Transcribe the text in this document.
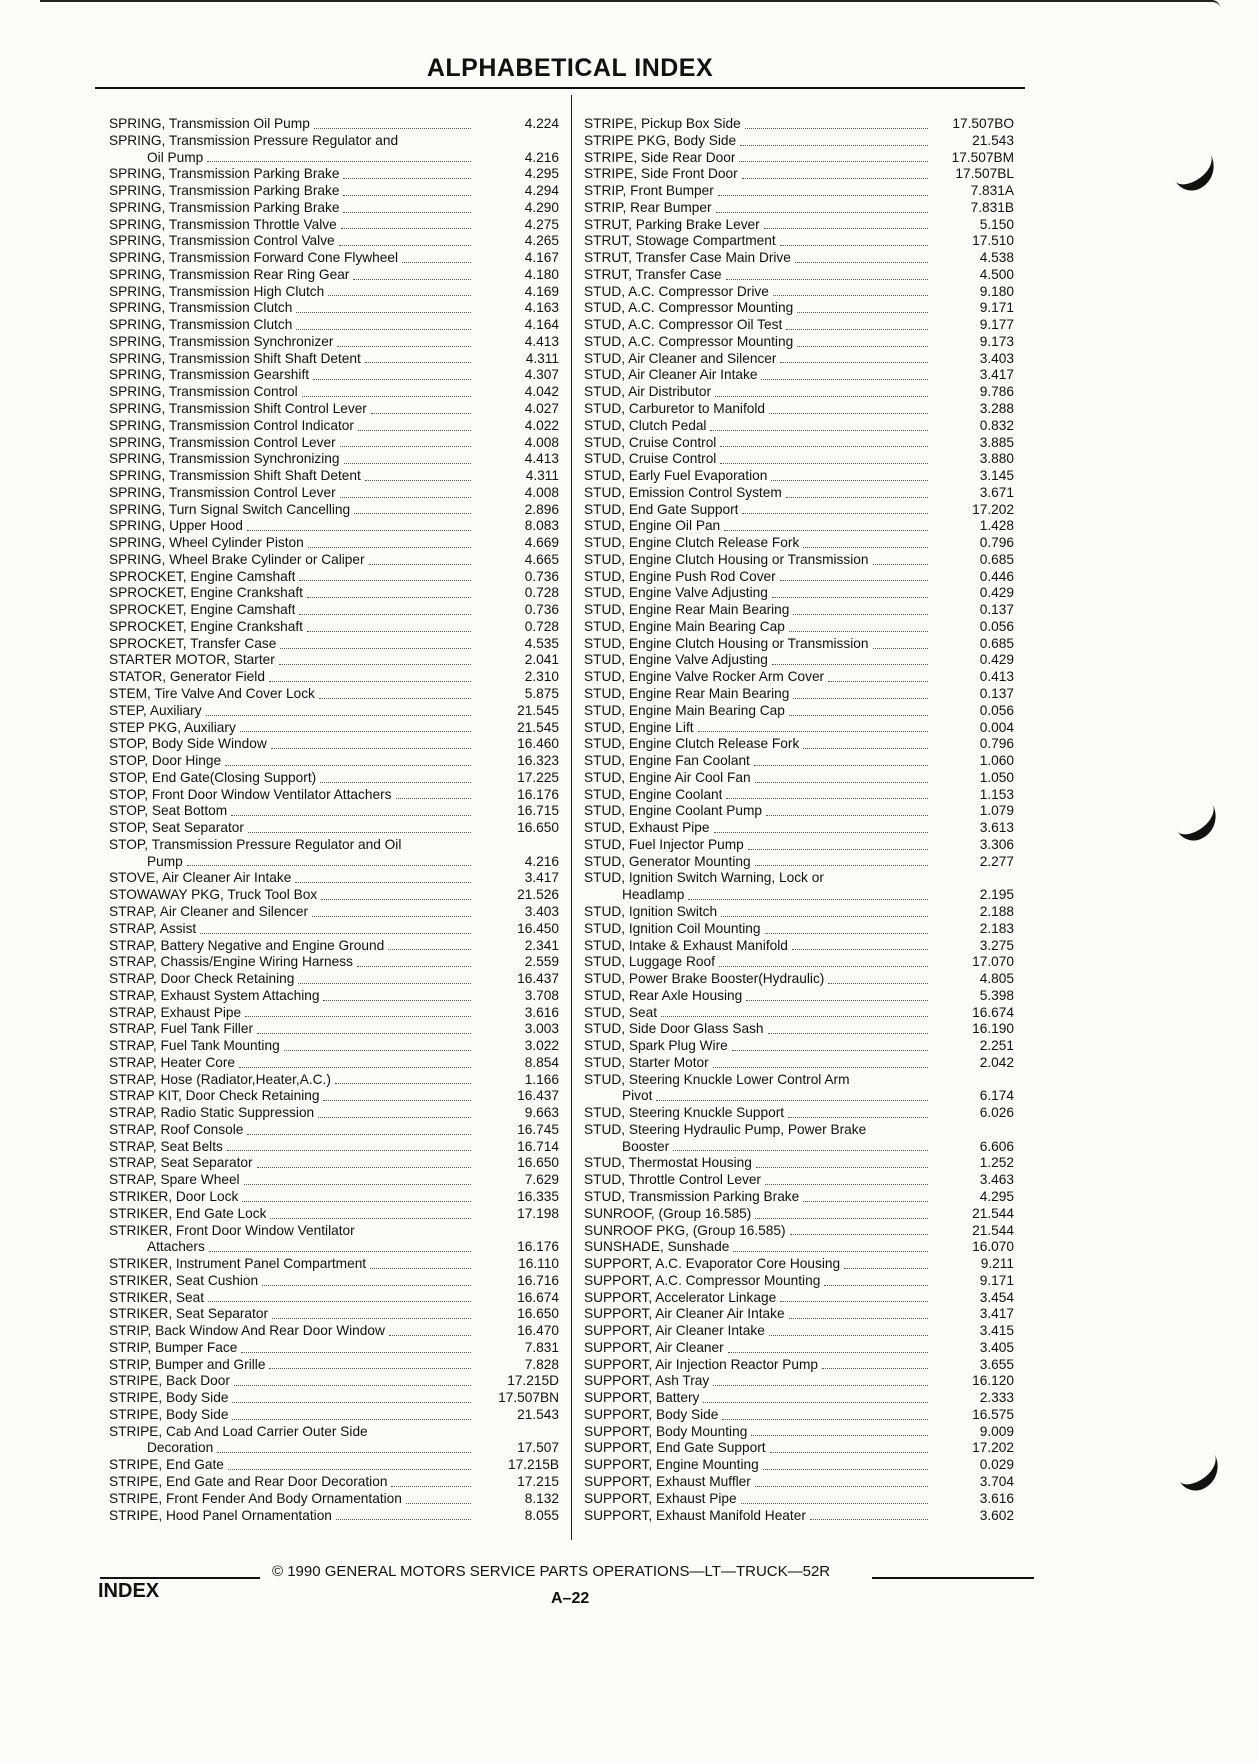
ALPHABETICAL INDEX
SPRING, Transmission Oil Pump	4.224
SPRING, Transmission Pressure Regulator and
Oil Pump	4.216
SPRING, Transmission Parking Brake	4.295
SPRING, Transmission Parking Brake	4.294
SPRING, Transmission Parking Brake	4.290
SPRING, Transmission Throttle Valve	4.275
SPRING, Transmission Control Valve	4.265
SPRING, Transmission Forward Cone Flywheel	4.167
SPRING, Transmission Rear Ring Gear	4.180
SPRING, Transmission High Clutch	4.169
SPRING, Transmission Clutch	4.163
SPRING, Transmission Clutch	4.164
SPRING, Transmission Synchronizer	4.413
SPRING, Transmission Shift Shaft Detent	4.311
SPRING, Transmission Gearshift	4.307
SPRING, Transmission Control	4.042
SPRING, Transmission Shift Control Lever	4.027
SPRING, Transmission Control Indicator	4.022
SPRING, Transmission Control Lever	4.008
SPRING, Transmission Synchronizing	4.413
SPRING, Transmission Shift Shaft Detent	4.311
SPRING, Transmission Control Lever	4.008
SPRING, Turn Signal Switch Cancelling	2.896
SPRING, Upper Hood	8.083
SPRING, Wheel Cylinder Piston	4.669
SPRING, Wheel Brake Cylinder or Caliper	4.665
SPROCKET, Engine Camshaft	0.736
SPROCKET, Engine Crankshaft	0.728
SPROCKET, Engine Camshaft	0.736
SPROCKET, Engine Crankshaft	0.728
SPROCKET, Transfer Case	4.535
STARTER MOTOR, Starter	2.041
STATOR, Generator Field	2.310
STEM, Tire Valve And Cover Lock	5.875
STEP, Auxiliary	21.545
STEP PKG, Auxiliary	21.545
STOP, Body Side Window	16.460
STOP, Door Hinge	16.323
STOP, End Gate(Closing Support)	17.225
STOP, Front Door Window Ventilator Attachers	16.176
STOP, Seat Bottom	16.715
STOP, Seat Separator	16.650
STOP, Transmission Pressure Regulator and Oil
Pump	4.216
STOVE, Air Cleaner Air Intake	3.417
STOWAWAY PKG, Truck Tool Box	21.526
STRAP, Air Cleaner and Silencer	3.403
STRAP, Assist	16.450
STRAP, Battery Negative and Engine Ground	2.341
STRAP, Chassis/Engine Wiring Harness	2.559
STRAP, Door Check Retaining	16.437
STRAP, Exhaust System Attaching	3.708
STRAP, Exhaust Pipe	3.616
STRAP, Fuel Tank Filler	3.003
STRAP, Fuel Tank Mounting	3.022
STRAP, Heater Core	8.854
STRAP, Hose (Radiator,Heater,A.C.)	1.166
STRAP KIT, Door Check Retaining	16.437
STRAP, Radio Static Suppression	9.663
STRAP, Roof Console	16.745
STRAP, Seat Belts	16.714
STRAP, Seat Separator	16.650
STRAP, Spare Wheel	7.629
STRIKER, Door Lock	16.335
STRIKER, End Gate Lock	17.198
STRIKER, Front Door Window Ventilator
Attachers	16.176
STRIKER, Instrument Panel Compartment	16.110
STRIKER, Seat Cushion	16.716
STRIKER, Seat	16.674
STRIKER, Seat Separator	16.650
STRIP, Back Window And Rear Door Window	16.470
STRIP, Bumper Face	7.831
STRIP, Bumper and Grille	7.828
STRIPE, Back Door	17.215D
STRIPE, Body Side	17.507BN
STRIPE, Body Side	21.543
STRIPE, Cab And Load Carrier Outer Side
Decoration	17.507
STRIPE, End Gate	17.215B
STRIPE, End Gate and Rear Door Decoration	17.215
STRIPE, Front Fender And Body Ornamentation	8.132
STRIPE, Hood Panel Ornamentation	8.055
STRIPE, Pickup Box Side	17.507BO
STRIPE PKG, Body Side	21.543
STRIPE, Side Rear Door	17.507BM
STRIPE, Side Front Door	17.507BL
STRIP, Front Bumper	7.831A
STRIP, Rear Bumper	7.831B
STRUT, Parking Brake Lever	5.150
STRUT, Stowage Compartment	17.510
STRUT, Transfer Case Main Drive	4.538
STRUT, Transfer Case	4.500
STUD, A.C. Compressor Drive	9.180
STUD, A.C. Compressor Mounting	9.171
STUD, A.C. Compressor Oil Test	9.177
STUD, A.C. Compressor Mounting	9.173
STUD, Air Cleaner and Silencer	3.403
STUD, Air Cleaner Air Intake	3.417
STUD, Air Distributor	9.786
STUD, Carburetor to Manifold	3.288
STUD, Clutch Pedal	0.832
STUD, Cruise Control	3.885
STUD, Cruise Control	3.880
STUD, Early Fuel Evaporation	3.145
STUD, Emission Control System	3.671
STUD, End Gate Support	17.202
STUD, Engine Oil Pan	1.428
STUD, Engine Clutch Release Fork	0.796
STUD, Engine Clutch Housing or Transmission	0.685
STUD, Engine Push Rod Cover	0.446
STUD, Engine Valve Adjusting	0.429
STUD, Engine Rear Main Bearing	0.137
STUD, Engine Main Bearing Cap	0.056
STUD, Engine Clutch Housing or Transmission	0.685
STUD, Engine Valve Adjusting	0.429
STUD, Engine Valve Rocker Arm Cover	0.413
STUD, Engine Rear Main Bearing	0.137
STUD, Engine Main Bearing Cap	0.056
STUD, Engine Lift	0.004
STUD, Engine Clutch Release Fork	0.796
STUD, Engine Fan Coolant	1.060
STUD, Engine Air Cool Fan	1.050
STUD, Engine Coolant	1.153
STUD, Engine Coolant Pump	1.079
STUD, Exhaust Pipe	3.613
STUD, Fuel Injector Pump	3.306
STUD, Generator Mounting	2.277
STUD, Ignition Switch Warning, Lock or
Headlamp	2.195
STUD, Ignition Switch	2.188
STUD, Ignition Coil Mounting	2.183
STUD, Intake & Exhaust Manifold	3.275
STUD, Luggage Roof	17.070
STUD, Power Brake Booster(Hydraulic)	4.805
STUD, Rear Axle Housing	5.398
STUD, Seat	16.674
STUD, Side Door Glass Sash	16.190
STUD, Spark Plug Wire	2.251
STUD, Starter Motor	2.042
STUD, Steering Knuckle Lower Control Arm
Pivot	6.174
STUD, Steering Knuckle Support	6.026
STUD, Steering Hydraulic Pump, Power Brake
Booster	6.606
STUD, Thermostat Housing	1.252
STUD, Throttle Control Lever	3.463
STUD, Transmission Parking Brake	4.295
SUNROOF, (Group 16.585)	21.544
SUNROOF PKG, (Group 16.585)	21.544
SUNSHADE, Sunshade	16.070
SUPPORT, A.C. Evaporator Core Housing	9.211
SUPPORT, A.C. Compressor Mounting	9.171
SUPPORT, Accelerator Linkage	3.454
SUPPORT, Air Cleaner Air Intake	3.417
SUPPORT, Air Cleaner Intake	3.415
SUPPORT, Air Cleaner	3.405
SUPPORT, Air Injection Reactor Pump	3.655
SUPPORT, Ash Tray	16.120
SUPPORT, Battery	2.333
SUPPORT, Body Side	16.575
SUPPORT, Body Mounting	9.009
SUPPORT, End Gate Support	17.202
SUPPORT, Engine Mounting	0.029
SUPPORT, Exhaust Muffler	3.704
SUPPORT, Exhaust Pipe	3.616
SUPPORT, Exhaust Manifold Heater	3.602
© 1990 GENERAL MOTORS SERVICE PARTS OPERATIONS—LT—TRUCK—52R
INDEX	A–22
